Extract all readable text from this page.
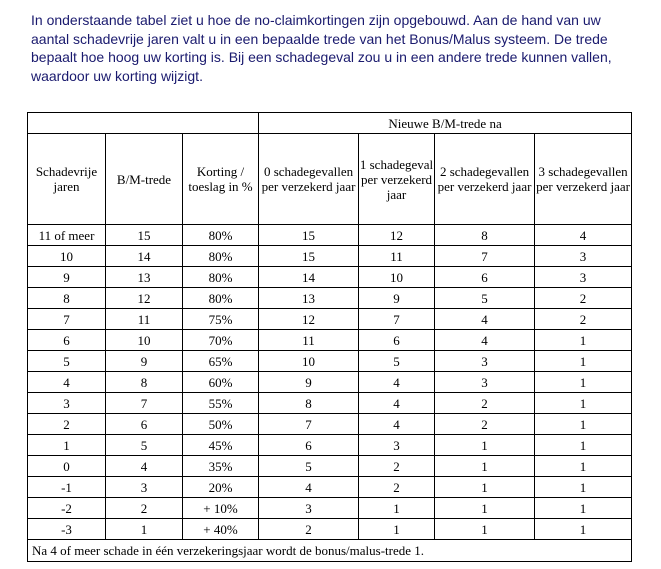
In onderstaande tabel ziet u hoe de no-claimkortingen zijn opgebouwd. Aan de hand van uw aantal schadevrije jaren valt u in een bepaalde trede van het Bonus/Malus systeem. De trede bepaalt hoe hoog uw korting is. Bij een schadegeval zou u in een andere trede kunnen vallen, waardoor uw korting wijzigt.

			Nieuwe B/M-trede na			
Schadevrije jaren	B/M-trede	Korting / toeslag in %	0 schadegevallen per verzekerd jaar	1 schadegeval per verzekerd jaar	2 schadegevallen per verzekerd jaar	3 schadegevallen per verzekerd jaar
11 of meer	15	80%	15	12	8	4
10	14	80%	15	11	7	3
9	13	80%	14	10	6	3
8	12	80%	13	9	5	2
7	11	75%	12	7	4	2
6	10	70%	11	6	4	1
5	9	65%	10	5	3	1
4	8	60%	9	4	3	1
3	7	55%	8	4	2	1
2	6	50%	7	4	2	1
1	5	45%	6	3	1	1
0	4	35%	5	2	1	1
-1	3	20%	4	2	1	1
-2	2	+ 10%	3	1	1	1
-3	1	+ 40%	2	1	1	1
Na 4 of meer schade in één verzekeringsjaar wordt de bonus/malus-trede 1.						
